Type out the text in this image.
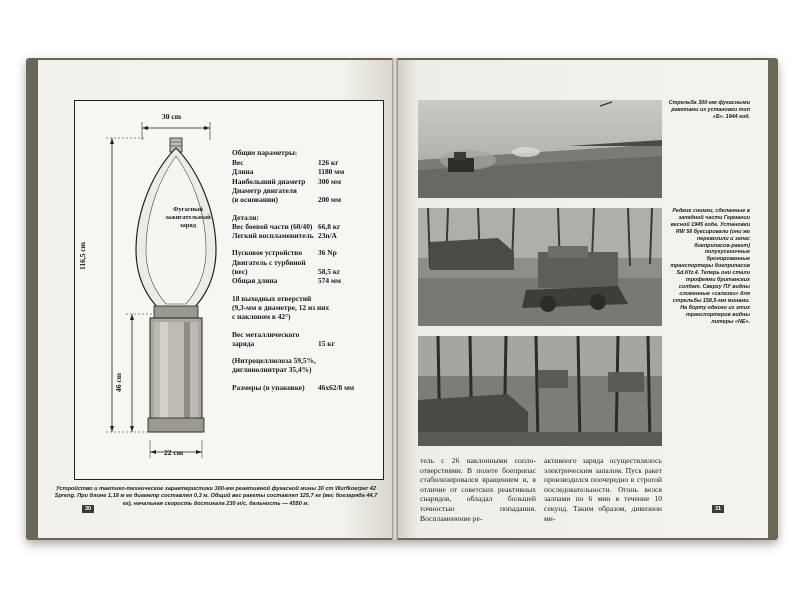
30 cm
116,5 cm
46 cm
22 cm
Фугасный
зажигательный
заряд
Общие параметры:
Вес	126 кг
Длина	1180 мм
Наибольший диаметр 300 мм
Диаметр двигателя
(в основании)	200 мм
Детали:
Вес боевой части (60/40) 66,8 кг
Легкий воспламенитель 23n/A
Пусковое устройство 36 Np
Двигатель с турбиной
(вес)	58,5 кг
Общая длина	574 мм
18 выходных отверстий
(9,3-мм в диаметре, 12 из них
с наклоном в 42°)
Вес металлического
заряда	15 кг
(Нитроцеллюлоза 59,5%,
диглинолнитрат 35,4%)
Размеры (в упаковке) 46х62/8 мм
Устройство и тактико-технические характеристики 300-мм реактивной фугасной мины 30 cm Wurfkoerper 42 Spreng. При длине 1,18 м ее диаметр составлял 0,3 м. Общий вес ракеты составлял 125,7 кг (вес боезаряда 44,7 кг), начальная скорость достигала 230 м/с, дальность — 4550 м.
30
Стрельба 300-мм фугасными ракетами из установки тип «Б». 1944 год.
Редкие снимки, сделанные в западной части Германии весной 1945 года. Установки RW 56 буксировали (они же перевозили и запас боеприпасов-ракет) полугусеничные бронированные транспортеры боеприпасов Sd.Kfz.4. Теперь они стали трофеями британских солдат. Сверху ПУ видны сложенные «салазки» для стрельбы 158,5-мм минами. На борту одного из этих транспортеров видны литеры «NE».
тель с 26 наклонными сопло-отверстиями. В полете боеприпас стабилизировался вращением и, в отличие от советских реактивных снарядов, обладал большей точностью попадания. Воспламенение ре-
активного заряда осуществлялось электрическим запалом. Пуск ракет производился поочередно в строгой последовательности. Огонь велся залпами по 6 мин в течение 10 секунд. Таким образом, дивизион ми-
31
